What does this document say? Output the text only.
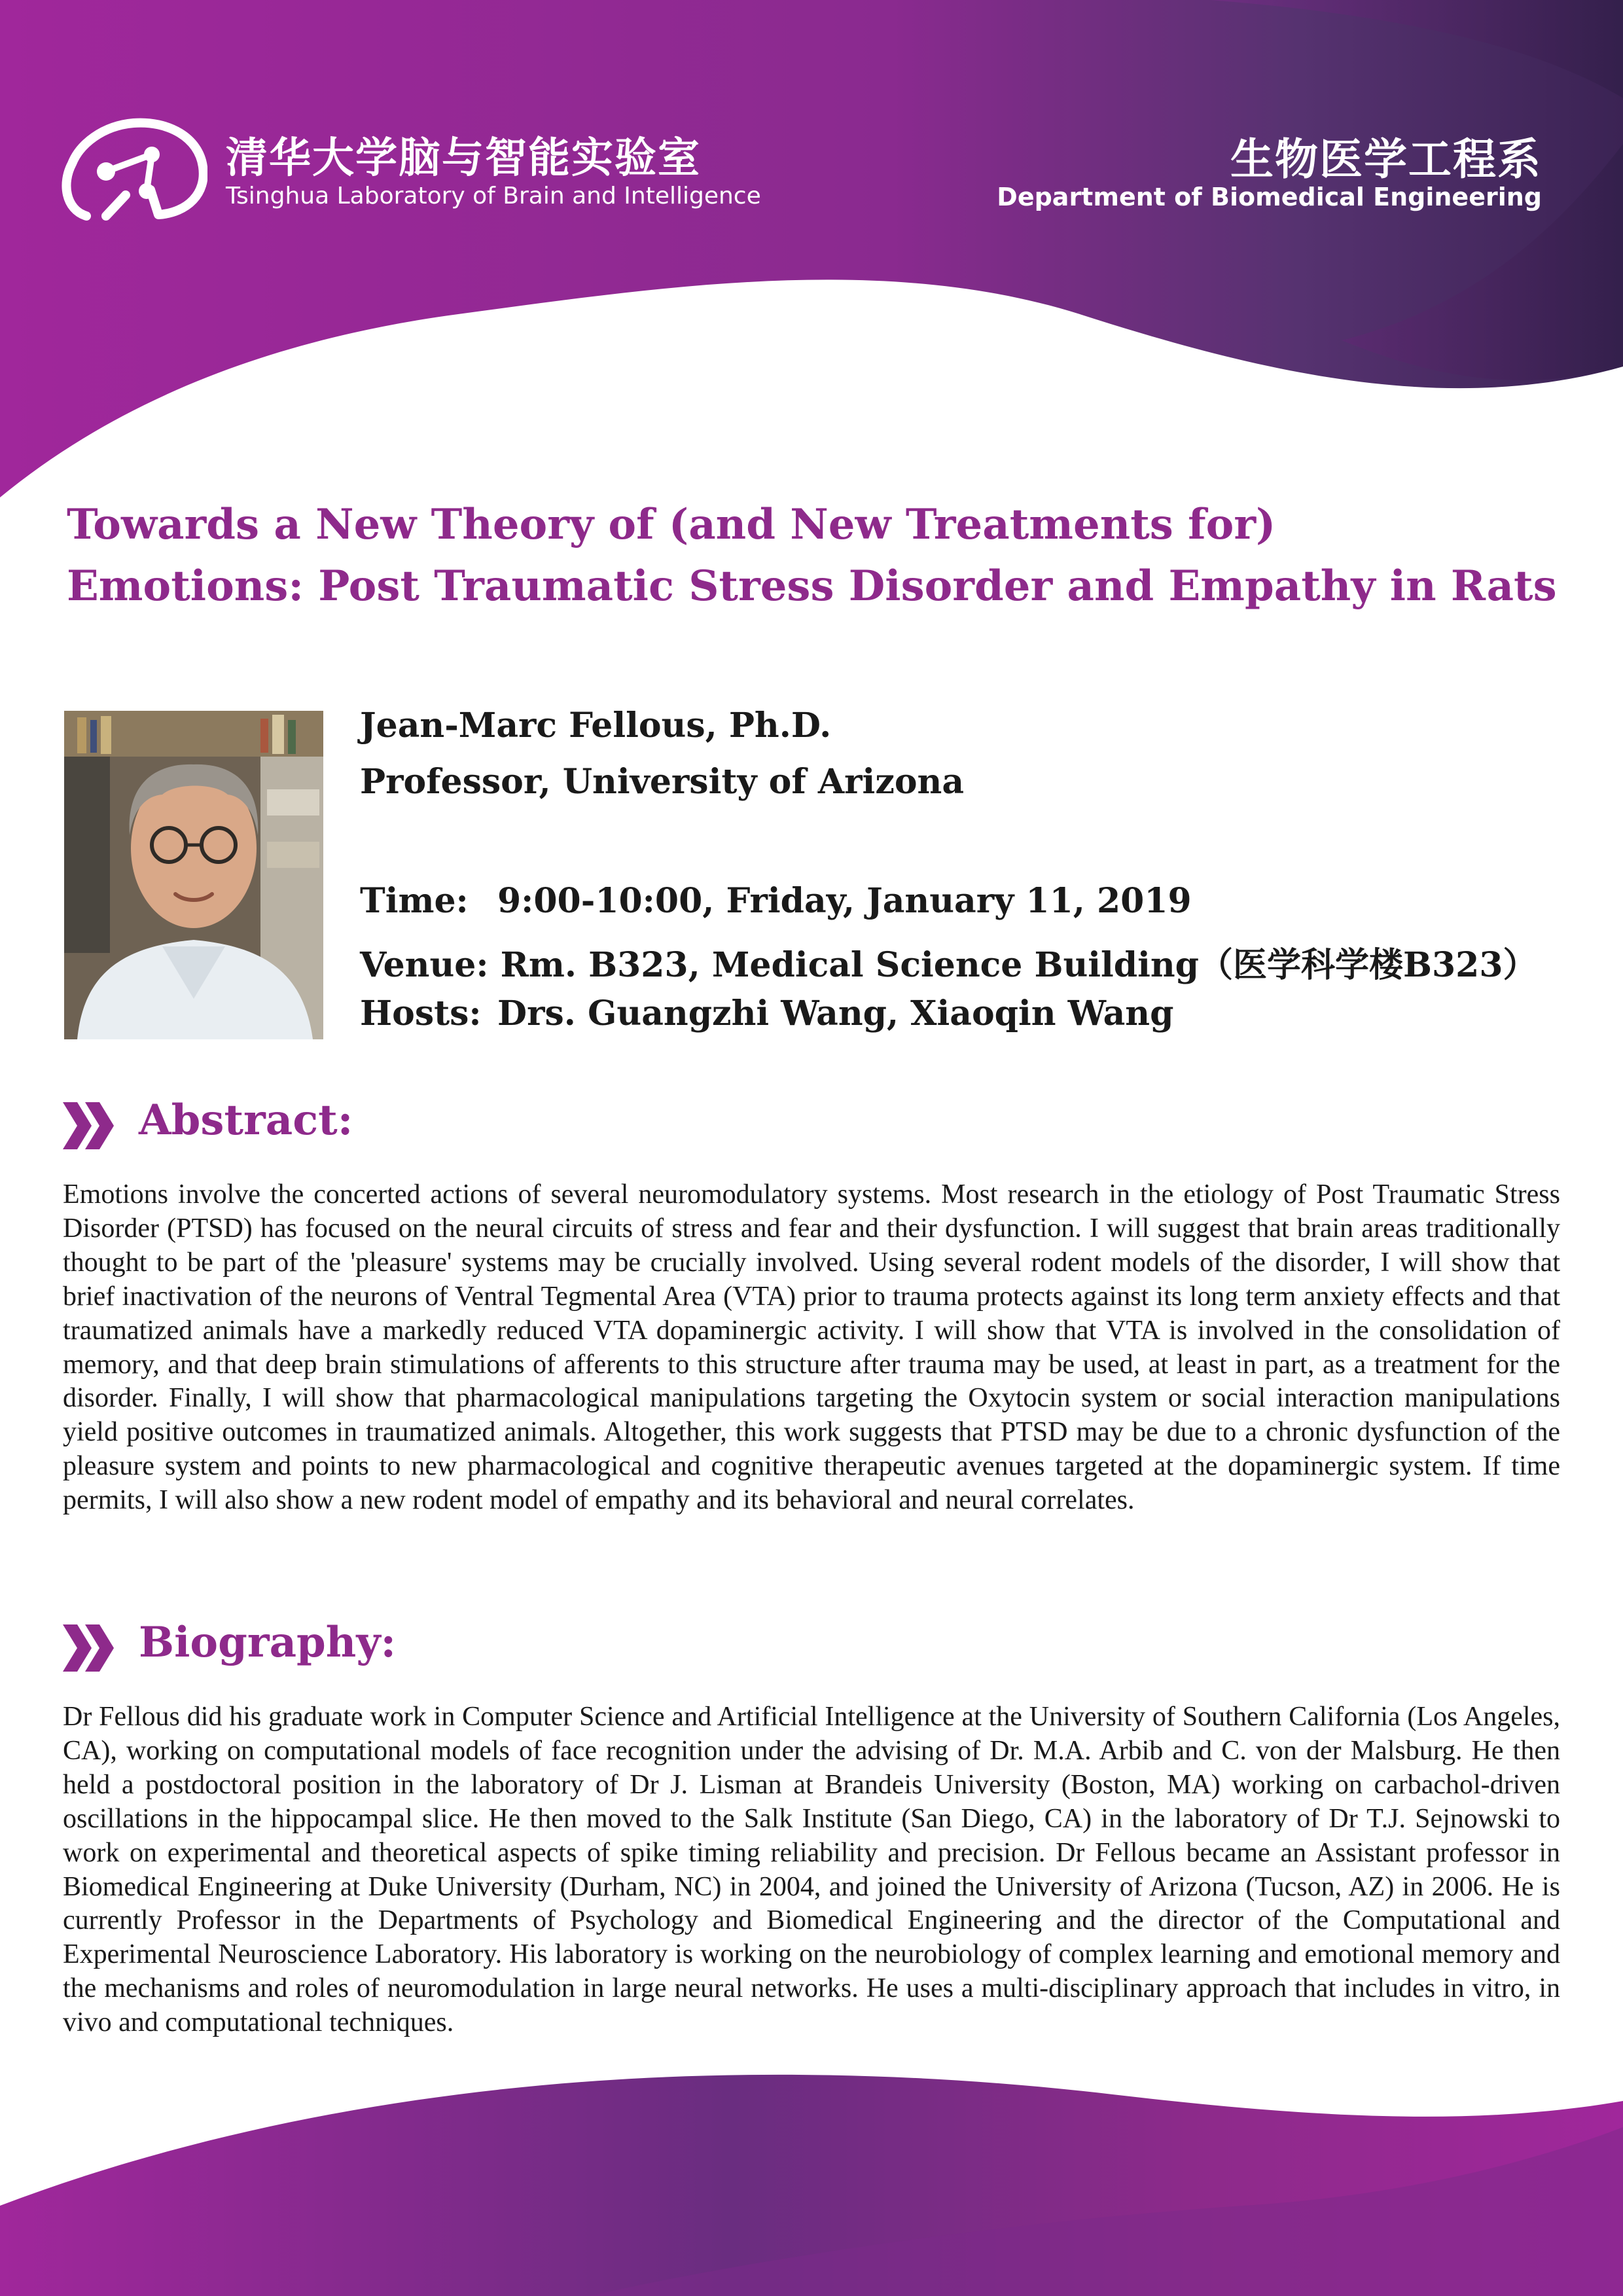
清华大学脑与智能实验室
Tsinghua Laboratory of Brain and Intelligence
生物医学工程系
Department of Biomedical Engineering
Towards a New Theory of (and New Treatments for)
Emotions: Post Traumatic Stress Disorder and Empathy in Rats
Jean-Marc Fellous, Ph.D.
Professor, University of Arizona
Time: 9:00-10:00, Friday, January 11, 2019
Venue: Rm. B323, Medical Science Building（医学科学楼B323）
Hosts: Drs. Guangzhi Wang, Xiaoqin Wang
Abstract:
Emotions involve the concerted actions of several neuromodulatory systems. Most research in the etiology of Post Traumatic Stress Disorder (PTSD) has focused on the neural circuits of stress and fear and their dysfunction. I will suggest that brain areas traditionally thought to be part of the 'pleasure' systems may be crucially involved. Using several rodent models of the disorder, I will show that brief inactivation of the neurons of Ventral Tegmental Area (VTA) prior to trauma protects against its long term anxiety effects and that traumatized animals have a markedly reduced VTA dopaminergic activity. I will show that VTA is involved in the consolidation of memory, and that deep brain stimulations of afferents to this structure after trauma may be used, at least in part, as a treatment for the disorder. Finally, I will show that pharmacological manipulations targeting the Oxytocin system or social interaction manipulations yield positive outcomes in traumatized animals. Altogether, this work suggests that PTSD may be due to a chronic dysfunction of the pleasure system and points to new pharmacological and cognitive therapeutic avenues targeted at the dopaminergic system. If time permits, I will also show a new rodent model of empathy and its behavioral and neural correlates.
Biography:
Dr Fellous did his graduate work in Computer Science and Artificial Intelligence at the University of Southern California (Los Angeles, CA), working on computational models of face recognition under the advising of Dr. M.A. Arbib and C. von der Malsburg. He then held a postdoctoral position in the laboratory of Dr J. Lisman at Brandeis University (Boston, MA) working on carbachol-driven oscillations in the hippocampal slice. He then moved to the Salk Institute (San Diego, CA) in the laboratory of Dr T.J. Sejnowski to work on experimental and theoretical aspects of spike timing reliability and precision. Dr Fellous became an Assistant professor in Biomedical Engineering at Duke University (Durham, NC) in 2004, and joined the University of Arizona (Tucson, AZ) in 2006. He is currently Professor in the Departments of Psychology and Biomedical Engineering and the director of the Computational and Experimental Neuroscience Laboratory. His laboratory is working on the neurobiology of complex learning and emotional memory and the mechanisms and roles of neuromodulation in large neural networks. He uses a multi-disciplinary approach that includes in vitro, in vivo and computational techniques.
